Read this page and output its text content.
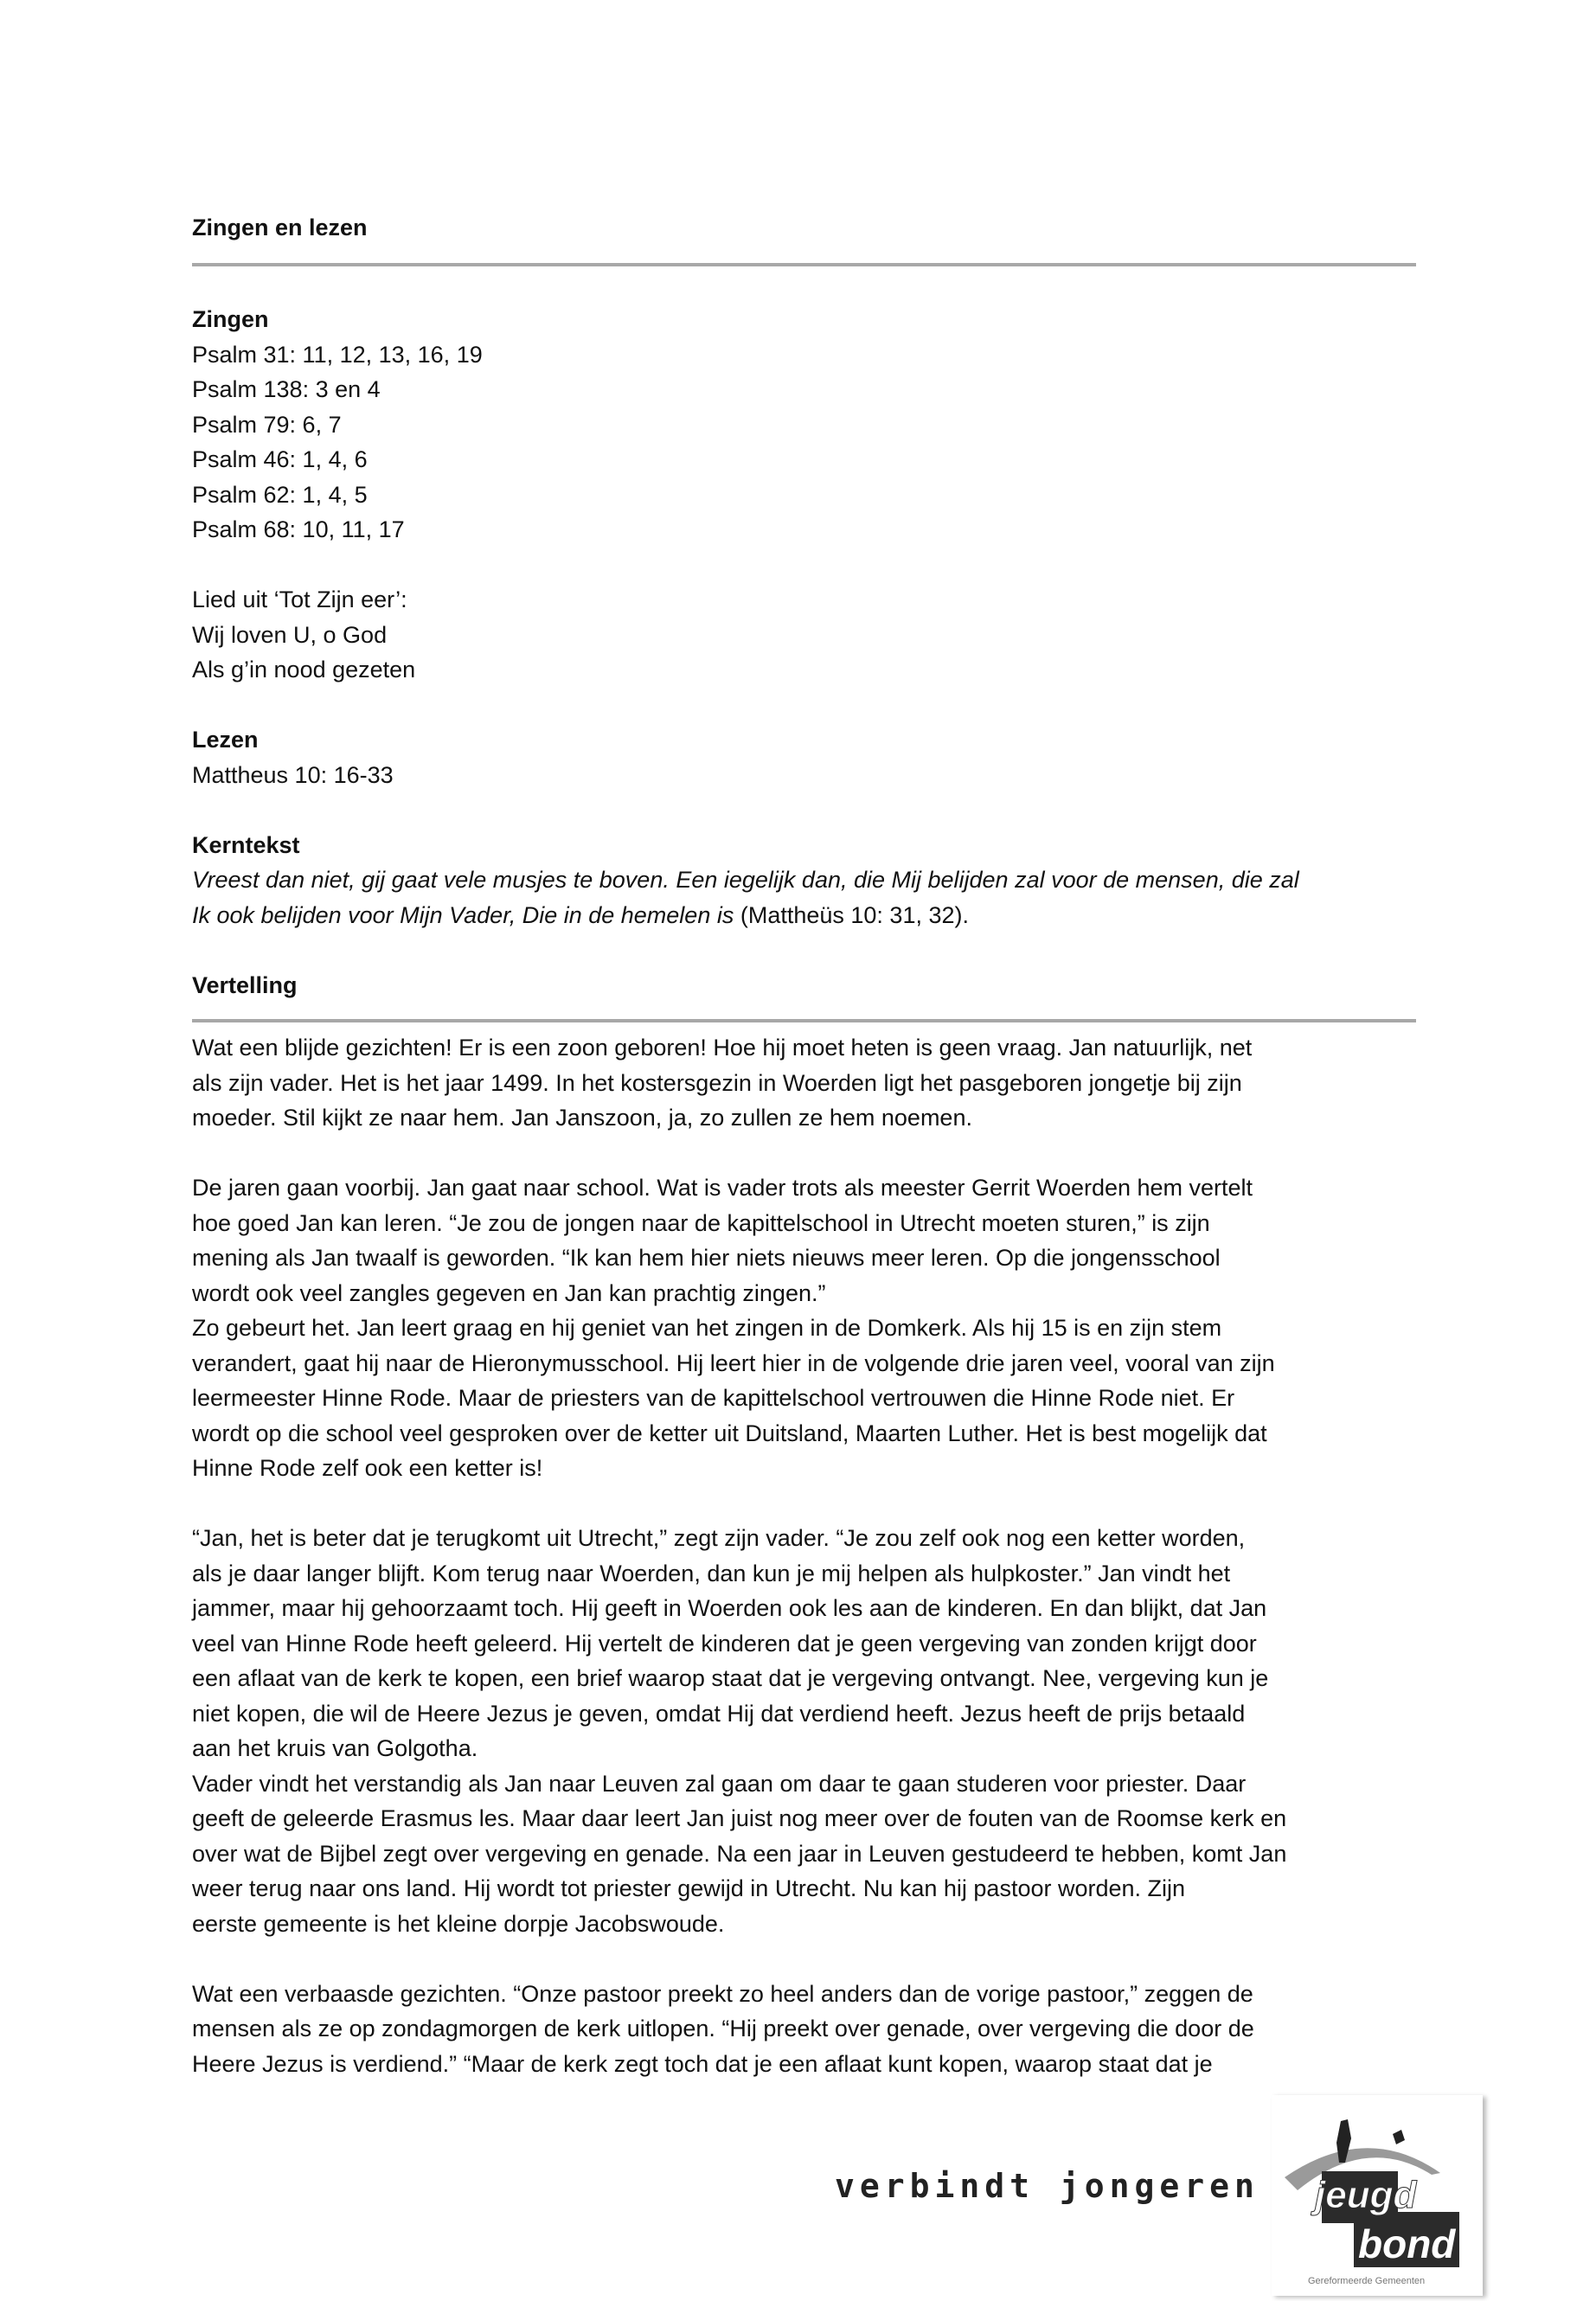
Zingen en lezen
Zingen
Psalm 31: 11, 12, 13, 16, 19
Psalm 138: 3 en 4
Psalm 79: 6, 7
Psalm 46: 1, 4, 6
Psalm 62: 1, 4, 5
Psalm 68: 10, 11, 17
Lied uit ‘Tot Zijn eer’:
Wij loven U, o God
Als g’in nood gezeten
Lezen
Mattheus 10: 16-33
Kerntekst
Vreest dan niet, gij gaat vele musjes te boven. Een iegelijk dan, die Mij belijden zal voor de mensen, die zal
Ik ook belijden voor Mijn Vader, Die in de hemelen is (Mattheüs 10: 31, 32).
Vertelling
Wat een blijde gezichten! Er is een zoon geboren! Hoe hij moet heten is geen vraag. Jan natuurlijk, net
als zijn vader. Het is het jaar 1499. In het kostersgezin in Woerden ligt het pasgeboren jongetje bij zijn
moeder. Stil kijkt ze naar hem. Jan Janszoon, ja, zo zullen ze hem noemen.
De jaren gaan voorbij. Jan gaat naar school. Wat is vader trots als meester Gerrit Woerden hem vertelt
hoe goed Jan kan leren. “Je zou de jongen naar de kapittelschool in Utrecht moeten sturen,” is zijn
mening als Jan twaalf is geworden. “Ik kan hem hier niets nieuws meer leren. Op die jongensschool
wordt ook veel zangles gegeven en Jan kan prachtig zingen.”
Zo gebeurt het. Jan leert graag en hij geniet van het zingen in de Domkerk. Als hij 15 is en zijn stem
verandert, gaat hij naar de Hieronymusschool. Hij leert hier in de volgende drie jaren veel, vooral van zijn
leermeester Hinne Rode. Maar de priesters van de kapittelschool vertrouwen die Hinne Rode niet. Er
wordt op die school veel gesproken over de ketter uit Duitsland, Maarten Luther. Het is best mogelijk dat
Hinne Rode zelf ook een ketter is!
“Jan, het is beter dat je terugkomt uit Utrecht,” zegt zijn vader. “Je zou zelf ook nog een ketter worden,
als je daar langer blijft. Kom terug naar Woerden, dan kun je mij helpen als hulpkoster.” Jan vindt het
jammer, maar hij gehoorzaamt toch. Hij geeft in Woerden ook les aan de kinderen. En dan blijkt, dat Jan
veel van Hinne Rode heeft geleerd. Hij vertelt de kinderen dat je geen vergeving van zonden krijgt door
een aflaat van de kerk te kopen, een brief waarop staat dat je vergeving ontvangt. Nee, vergeving kun je
niet kopen, die wil de Heere Jezus je geven, omdat Hij dat verdiend heeft. Jezus heeft de prijs betaald
aan het kruis van Golgotha.
Vader vindt het verstandig als Jan naar Leuven zal gaan om daar te gaan studeren voor priester. Daar
geeft de geleerde Erasmus les. Maar daar leert Jan juist nog meer over de fouten van de Roomse kerk en
over wat de Bijbel zegt over vergeving en genade. Na een jaar in Leuven gestudeerd te hebben, komt Jan
weer terug naar ons land. Hij wordt tot priester gewijd in Utrecht. Nu kan hij pastoor worden. Zijn
eerste gemeente is het kleine dorpje Jacobswoude.
Wat een verbaasde gezichten. “Onze pastoor preekt zo heel anders dan de vorige pastoor,” zeggen de
mensen als ze op zondagmorgen de kerk uitlopen. “Hij preekt over genade, over vergeving die door de
Heere Jezus is verdiend.” “Maar de kerk zegt toch dat je een aflaat kunt kopen, waarop staat dat je
verbindt jongeren jeugd
bond
Gereformeerde Gemeenten
